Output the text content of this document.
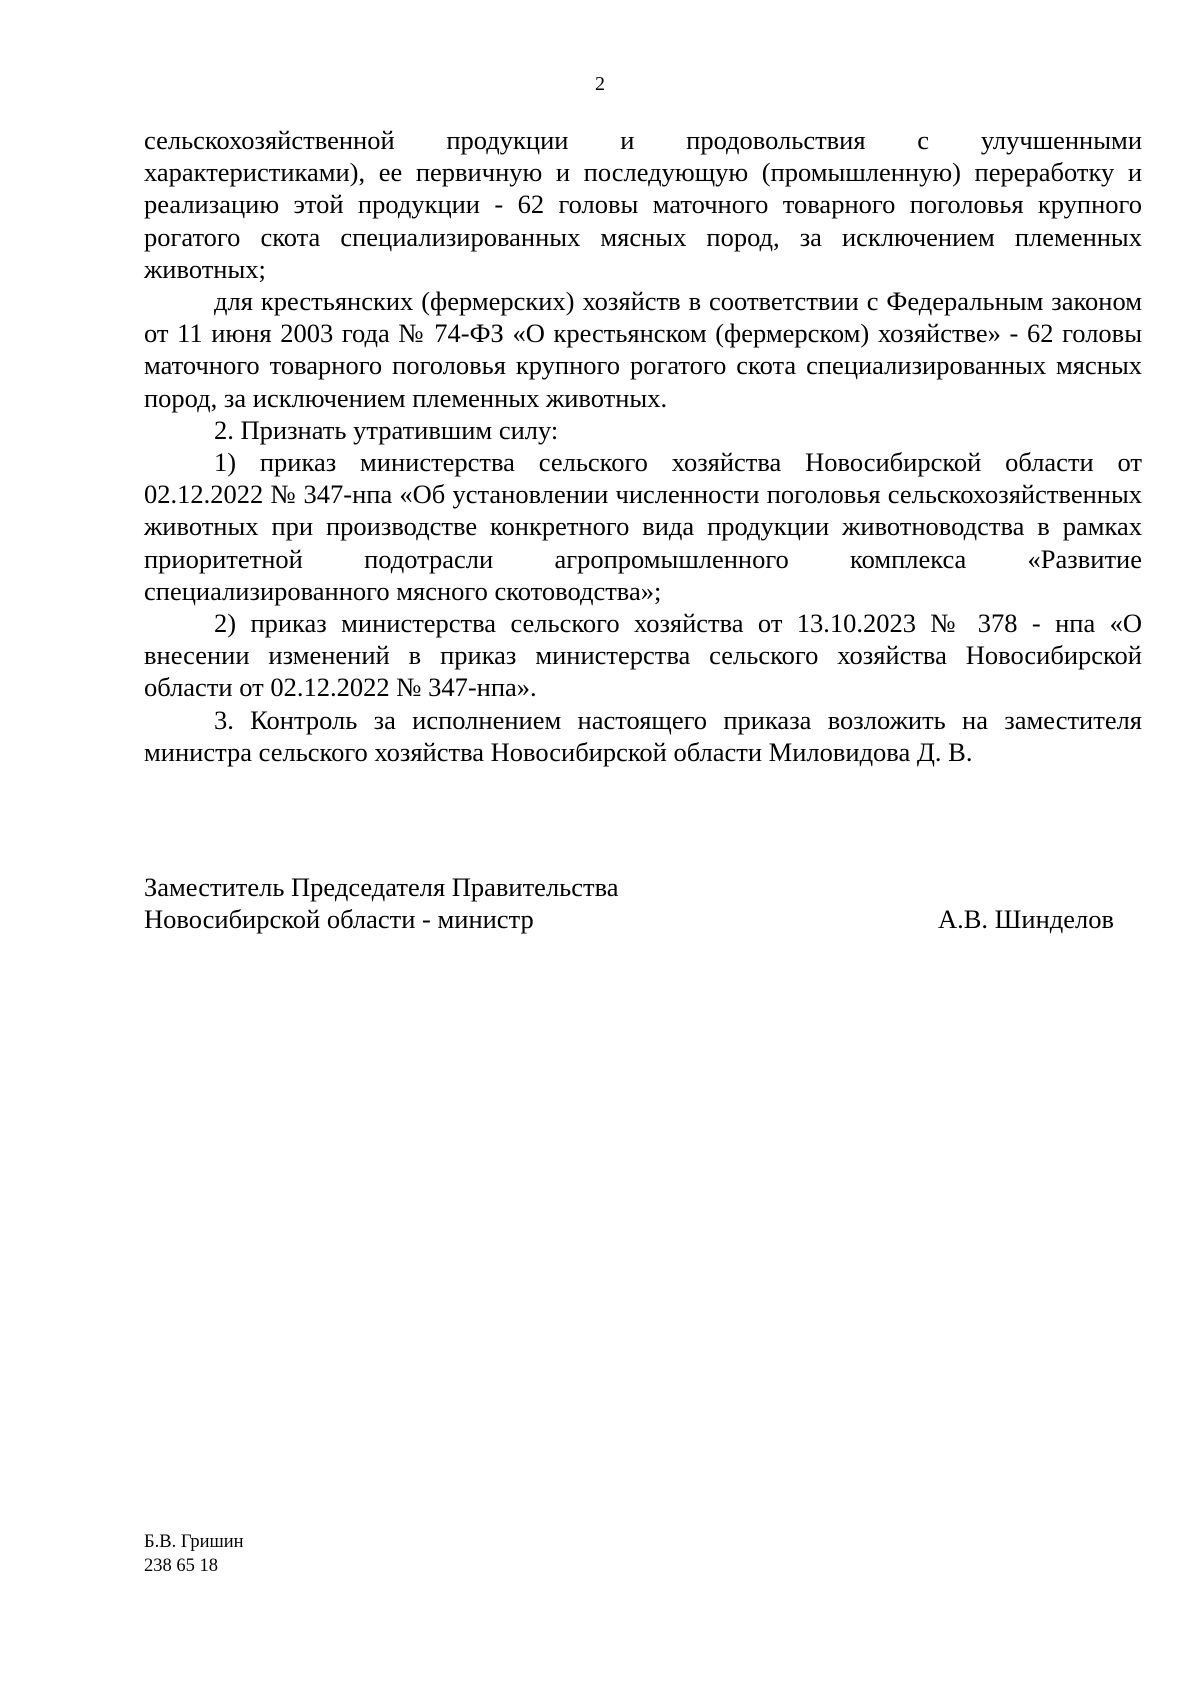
2

сельскохозяйственной продукции и продовольствия с улучшенными характеристиками), ее первичную и последующую (промышленную) переработку и реализацию этой продукции - 62 головы маточного товарного поголовья крупного рогатого скота специализированных мясных пород, за исключением племенных животных;

для крестьянских (фермерских) хозяйств в соответствии с Федеральным законом от 11 июня 2003 года № 74-ФЗ «О крестьянском (фермерском) хозяйстве» - 62 головы маточного товарного поголовья крупного рогатого скота специализированных мясных пород, за исключением племенных животных.

2. Признать утратившим силу:

1) приказ министерства сельского хозяйства Новосибирской области от 02.12.2022 № 347-нпа «Об установлении численности поголовья сельскохозяйственных животных при производстве конкретного вида продукции животноводства в рамках приоритетной подотрасли агропромышленного комплекса «Развитие специализированного мясного скотоводства»;

2) приказ министерства сельского хозяйства от 13.10.2023 № 378 - нпа «О внесении изменений в приказ министерства сельского хозяйства Новосибирской области от 02.12.2022 № 347-нпа».

3. Контроль за исполнением настоящего приказа возложить на заместителя министра сельского хозяйства Новосибирской области Миловидова Д. В.

Заместитель Председателя Правительства
Новосибирской области - министр	А.В. Шинделов
Б.В. Гришин
238 65 18
